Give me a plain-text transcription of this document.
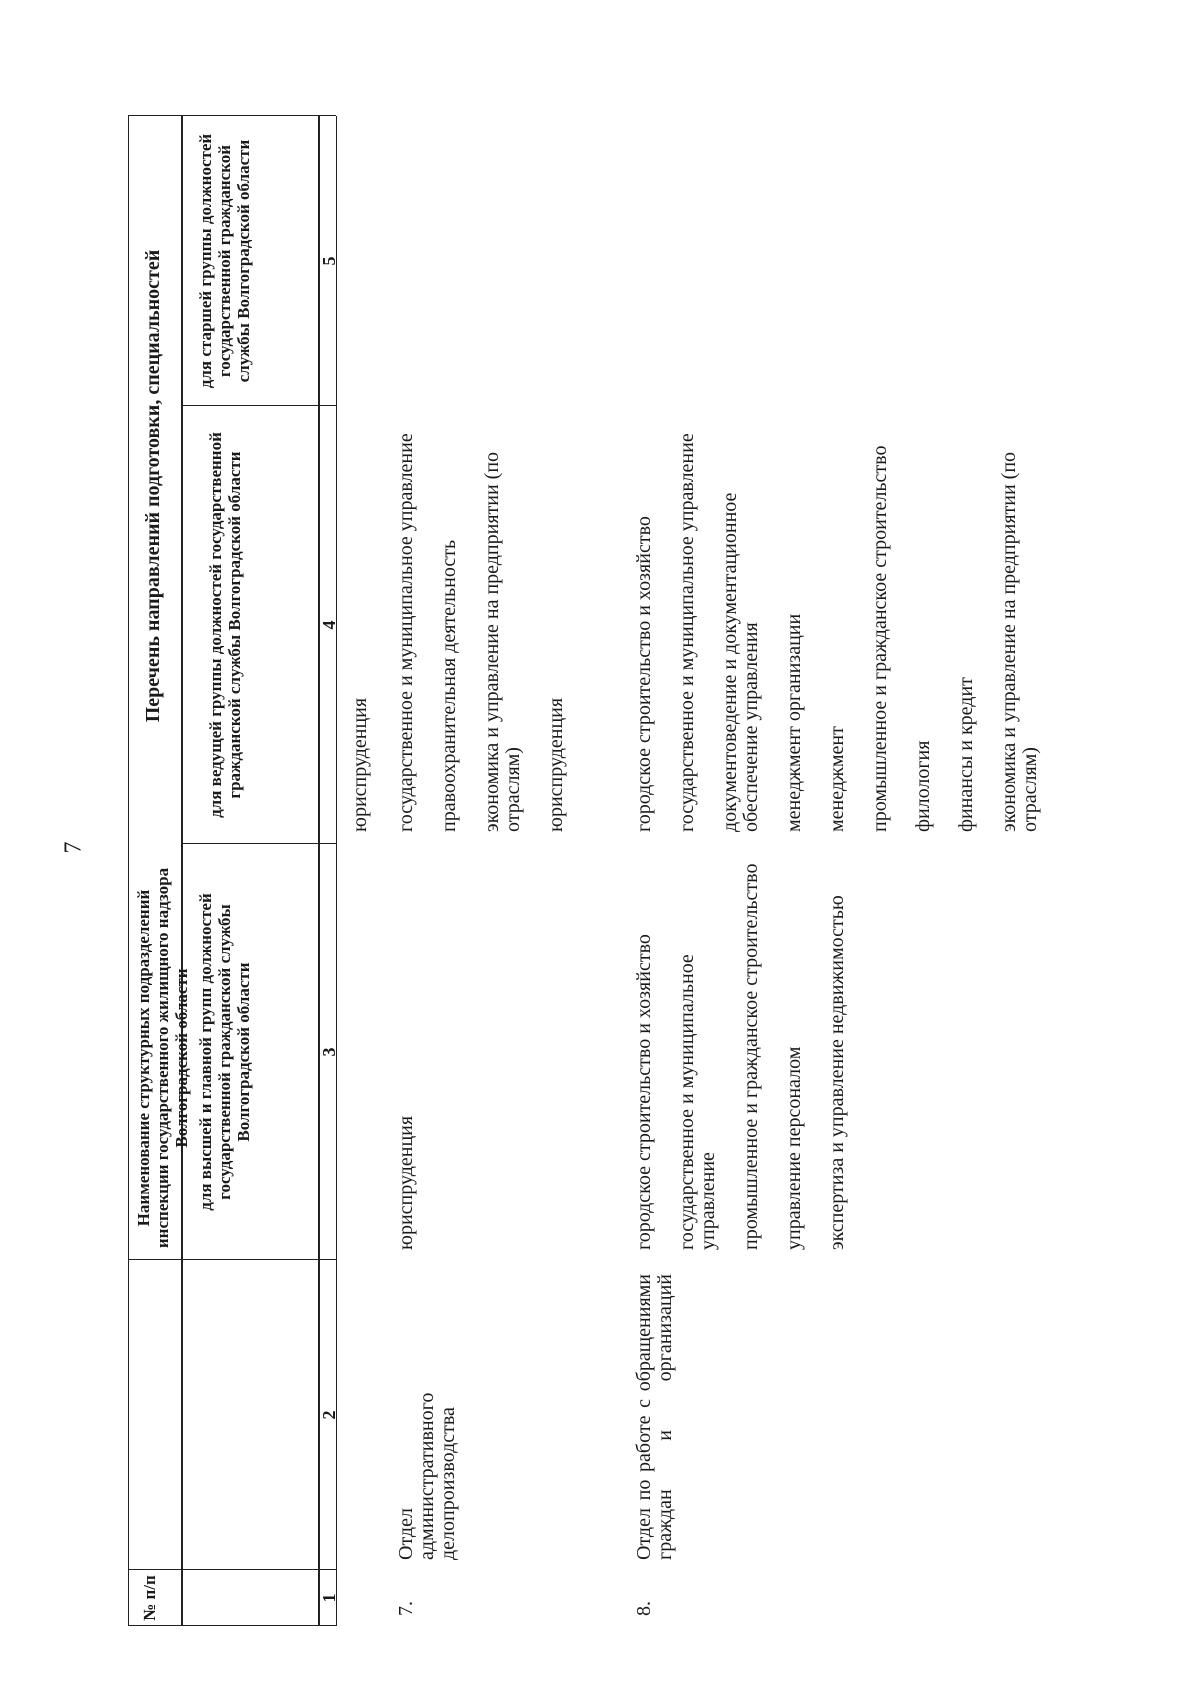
7
№ п/п
Наименование структурных подразделений инспекции государственного жилищного надзора Волгоградской области
Перечень направлений подготовки, специальностей
для высшей и главной групп должностей государственной гражданской службы Волгоградской области
для ведущей группы должностей государственной гражданской службы Волгоградской области
для старшей группы должностей государственной гражданской службы Волгоградской области
1
2
3
4
5
юриспруденция
7.
Отдел административного делопроизводства

юриспруденция

государственное и муниципальное управление правоохранительная деятельность экономика и управление на предприятии (по отраслям) юриспруденция

8.
Отдел по работе с обращениями граждан и организаций

городское строительство и хозяйство государственное и муниципальное управление промышленное и гражданское строительство управление персоналом экспертиза и управление недвижимостью

городское строительство и хозяйство государственное и муниципальное управление документоведение и документационное обеспечение управления менеджмент организации менеджмент промышленное и гражданское строительство филология финансы и кредит экономика и управление на предприятии (по отраслям)
